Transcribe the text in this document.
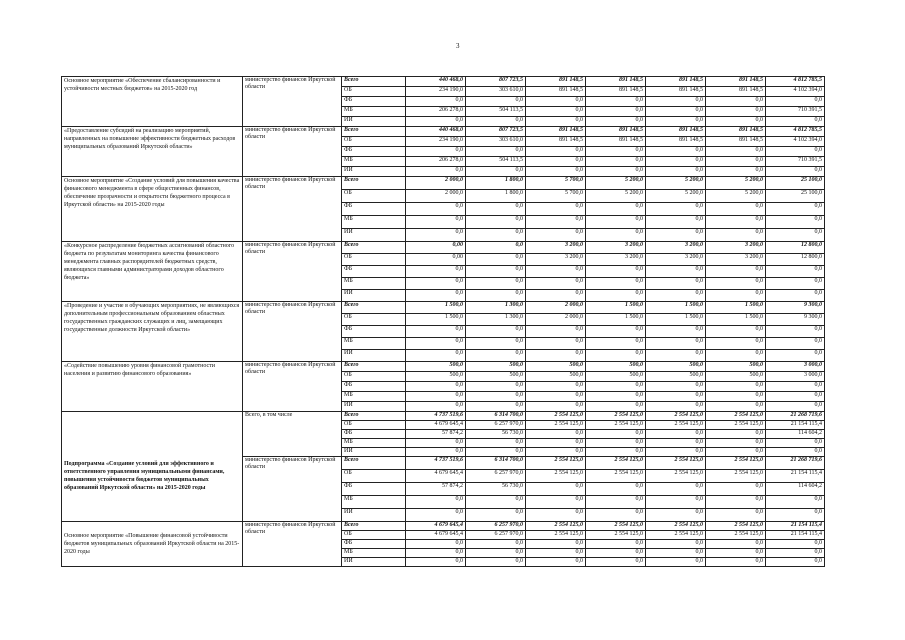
3
Основное мероприятие «Обеспечение сбалансированности и устойчивости местных бюджетов» на 2015-2020 год	министерство финансов Иркутской области	Всего	440 468,0	807 723,5	891 148,5	891 148,5	891 148,5	891 148,5	4 812 785,5
		ОБ	234 190,0	303 610,0	891 148,5	891 148,5	891 148,5	891 148,5	4 102 394,0
		ФБ	0,0	0,0	0,0	0,0	0,0	0,0	0,0
		МБ	206 278,0	504 113,5	0,0	0,0	0,0	0,0	710 391,5
		ИИ	0,0	0,0	0,0	0,0	0,0	0,0	0,0
«Предоставление субсидий на реализацию мероприятий, направленных на повышение эффективности бюджетных расходов муниципальных образований Иркутской области»	министерство финансов Иркутской области	Всего	440 468,0	807 723,5	891 148,5	891 148,5	891 148,5	891 148,5	4 812 785,5
		ОБ	234 190,0	303 610,0	891 148,5	891 148,5	891 148,5	891 148,5	4 102 394,0
		ФБ	0,0	0,0	0,0	0,0	0,0	0,0	0,0
		МБ	206 278,0	504 113,5	0,0	0,0	0,0	0,0	710 391,5
		ИИ	0,0	0,0	0,0	0,0	0,0	0,0	0,0
Основное мероприятие «Создание условий для повышения качества финансового менеджмента в сфере общественных финансов, обеспечение прозрачности и открытости бюджетного процесса в Иркутской области» на 2015-2020 годы	министерство финансов Иркутской области	Всего	2 000,0	1 800,0	5 700,0	5 200,0	5 200,0	5 200,0	25 100,0
		ОБ	2 000,0	1 800,0	5 700,0	5 200,0	5 200,0	5 200,0	25 100,0
		ФБ	0,0	0,0	0,0	0,0	0,0	0,0	0,0
		МБ	0,0	0,0	0,0	0,0	0,0	0,0	0,0
		ИИ	0,0	0,0	0,0	0,0	0,0	0,0	0,0
«Конкурсное распределение бюджетных ассигнований областного бюджета по результатам мониторинга качества финансового менеджмента главных распорядителей бюджетных средств, являющихся главными администраторами доходов областного бюджета»	министерство финансов Иркутской области	Всего	0,00	0,0	3 200,0	3 200,0	3 200,0	3 200,0	12 800,0
		ОБ	0,00	0,0	3 200,0	3 200,0	3 200,0	3 200,0	12 800,0
		ФБ	0,0	0,0	0,0	0,0	0,0	0,0	0,0
		МБ	0,0	0,0	0,0	0,0	0,0	0,0	0,0
		ИИ	0,0	0,0	0,0	0,0	0,0	0,0	0,0
«Проведение и участие в обучающих мероприятиях, не являющихся дополнительным профессиональным образованием областных государственных гражданских служащих и лиц, замещающих государственные должности Иркутской области»	министерство финансов Иркутской области	Всего	1 500,0	1 300,0	2 000,0	1 500,0	1 500,0	1 500,0	9 300,0
		ОБ	1 500,0	1 300,0	2 000,0	1 500,0	1 500,0	1 500,0	9 300,0
		ФБ	0,0	0,0	0,0	0,0	0,0	0,0	0,0
		МБ	0,0	0,0	0,0	0,0	0,0	0,0	0,0
		ИИ	0,0	0,0	0,0	0,0	0,0	0,0	0,0
«Содействие повышению уровня финансовой грамотности населения и развитию финансового образования»	министерство финансов Иркутской области	Всего	500,0	500,0	500,0	500,0	500,0	500,0	3 000,0
		ОБ	500,0	500,0	500,0	500,0	500,0	500,0	3 000,0
		ФБ	0,0	0,0	0,0	0,0	0,0	0,0	0,0
		МБ	0,0	0,0	0,0	0,0	0,0	0,0	0,0
		ИИ	0,0	0,0	0,0	0,0	0,0	0,0	0,0
Подпрограмма «Создание условий для эффективного и ответственного управления муниципальными финансами, повышения устойчивости бюджетов муниципальных образований Иркутской области» на 2015-2020 годы	Всего, в том числе	Всего	4 737 519,6	6 314 700,0	2 554 125,0	2 554 125,0	2 554 125,0	2 554 125,0	21 268 719,6
		ОБ	4 679 645,4	6 257 970,0	2 554 125,0	2 554 125,0	2 554 125,0	2 554 125,0	21 154 115,4
		ФБ	57 874,2	56 730,0	0,0	0,0	0,0	0,0	114 604,2
		МБ	0,0	0,0	0,0	0,0	0,0	0,0	0,0
		ИИ	0,0	0,0	0,0	0,0	0,0	0,0	0,0
	министерство финансов Иркутской области	Всего	4 737 519,6	6 314 700,0	2 554 125,0	2 554 125,0	2 554 125,0	2 554 125,0	21 268 719,6
		ОБ	4 679 645,4	6 257 970,0	2 554 125,0	2 554 125,0	2 554 125,0	2 554 125,0	21 154 115,4
		ФБ	57 874,2	56 730,0	0,0	0,0	0,0	0,0	114 604,2
		МБ	0,0	0,0	0,0	0,0	0,0	0,0	0,0
		ИИ	0,0	0,0	0,0	0,0	0,0	0,0	0,0
Основное мероприятие «Повышение финансовой устойчивости бюджетов муниципальных образований Иркутской области на 2015-2020 годы	министерство финансов Иркутской области	Всего	4 679 645,4	6 257 970,0	2 554 125,0	2 554 125,0	2 554 125,0	2 554 125,0	21 154 115,4
		ОБ	4 679 645,4	6 257 970,0	2 554 125,0	2 554 125,0	2 554 125,0	2 554 125,0	21 154 115,4
		ФБ	0,0	0,0	0,0	0,0	0,0	0,0	0,0
		МБ	0,0	0,0	0,0	0,0	0,0	0,0	0,0
		ИИ	0,0	0,0	0,0	0,0	0,0	0,0	0,0
